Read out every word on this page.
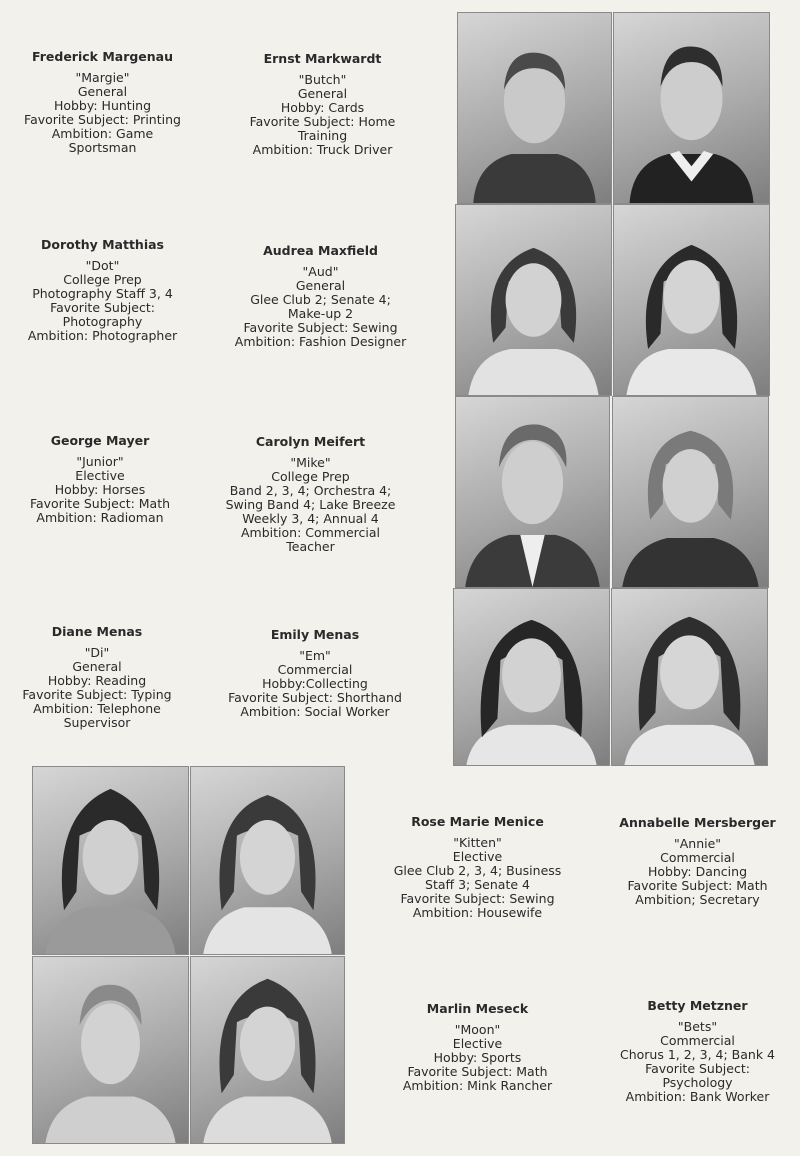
Frederick Margenau
"Margie"
General
Hobby: Hunting
Favorite Subject: Printing
Ambition: Game
Sportsman
Ernst Markwardt
"Butch"
General
Hobby: Cards
Favorite Subject: Home
Training
Ambition: Truck Driver
Dorothy Matthias
"Dot"
College Prep
Photography Staff 3, 4
Favorite Subject:
Photography
Ambition: Photographer
Audrea Maxfield
"Aud"
General
Glee Club 2; Senate 4;
Make-up 2
Favorite Subject: Sewing
Ambition: Fashion Designer
George Mayer
"Junior"
Elective
Hobby: Horses
Favorite Subject: Math
Ambition: Radioman
Carolyn Meifert
"Mike"
College Prep
Band 2, 3, 4; Orchestra 4;
Swing Band 4; Lake Breeze
Weekly 3, 4; Annual 4
Ambition: Commercial
Teacher
Diane Menas
"Di"
General
Hobby: Reading
Favorite Subject: Typing
Ambition: Telephone
Supervisor
Emily Menas
"Em"
Commercial
Hobby:Collecting
Favorite Subject: Shorthand
Ambition: Social Worker
Rose Marie Menice
"Kitten"
Elective
Glee Club 2, 3, 4; Business
Staff 3; Senate 4
Favorite Subject: Sewing
Ambition: Housewife
Annabelle Mersberger
"Annie"
Commercial
Hobby: Dancing
Favorite Subject: Math
Ambition; Secretary
Marlin Meseck
"Moon"
Elective
Hobby: Sports
Favorite Subject: Math
Ambition: Mink Rancher
Betty Metzner
"Bets"
Commercial
Chorus 1, 2, 3, 4; Bank 4
Favorite Subject:
Psychology
Ambition: Bank Worker
